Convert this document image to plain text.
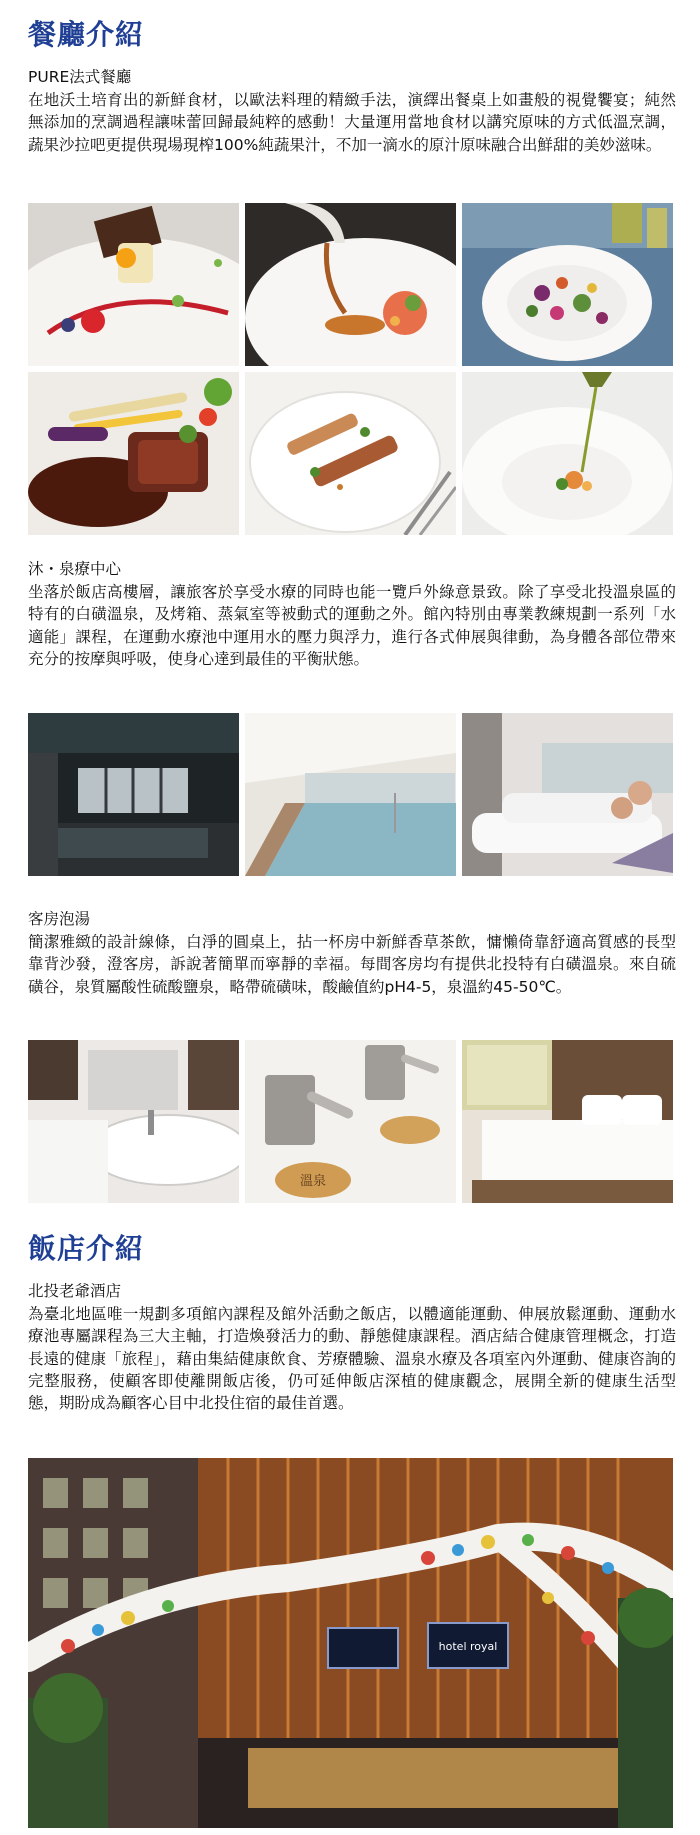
餐廳介紹
PURE法式餐廳
在地沃土培育出的新鮮食材，以歐法料理的精緻手法，演繹出餐桌上如畫般的視覺饗宴；純然無添加的烹調過程讓味蕾回歸最純粹的感動！大量運用當地食材以講究原味的方式低溫烹調，蔬果沙拉吧更提供現場現榨100%純蔬果汁，不加一滴水的原汁原味融合出鮮甜的美妙滋味。
沐・泉療中心
坐落於飯店高樓層，讓旅客於享受水療的同時也能一覽戶外綠意景致。除了享受北投溫泉區的特有的白磺溫泉，及烤箱、蒸氣室等被動式的運動之外。館內特別由專業教練規劃一系列「水適能」課程，在運動水療池中運用水的壓力與浮力，進行各式伸展與律動，為身體各部位帶來充分的按摩與呼吸，使身心達到最佳的平衡狀態。
客房泡湯
簡潔雅緻的設計線條，白淨的圓桌上，拈一杯房中新鮮香草茶飲，慵懶倚靠舒適高質感的長型靠背沙發，澄客房，訴說著簡單而寧靜的幸福。每間客房均有提供北投特有白磺溫泉。來自硫磺谷，泉質屬酸性硫酸鹽泉，略帶硫磺味，酸鹼值約pH4-5，泉溫約45-50℃。
溫泉
飯店介紹
北投老爺酒店
為臺北地區唯一規劃多項館內課程及館外活動之飯店，以體適能運動、伸展放鬆運動、運動水療池專屬課程為三大主軸，打造煥發活力的動、靜態健康課程。酒店結合健康管理概念，打造長遠的健康「旅程」，藉由集結健康飲食、芳療體驗、溫泉水療及各項室內外運動、健康咨詢的完整服務，使顧客即使離開飯店後，仍可延伸飯店深植的健康觀念，展開全新的健康生活型態，期盼成為顧客心目中北投住宿的最佳首選。
hotel royal
